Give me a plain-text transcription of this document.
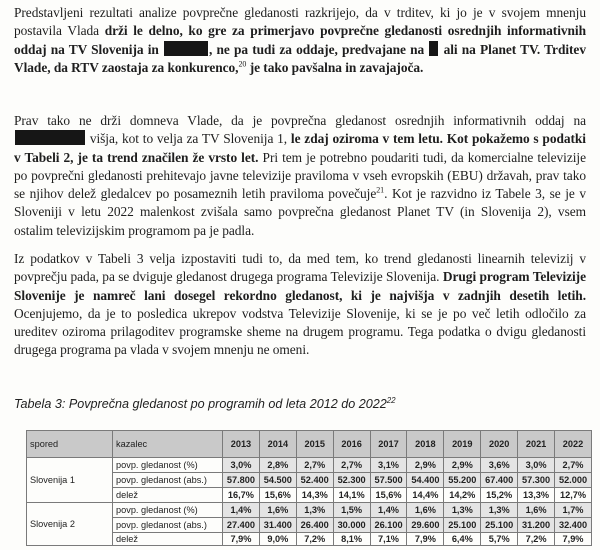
Predstavljeni rezultati analize povprečne gledanosti razkrijejo, da v trditev, ki jo je v svojem mnenju postavila Vlada drži le delno, ko gre za primerjavo povprečne gledanosti osrednjih informativnih oddaj na TV Slovenija in	, ne pa tudi za oddaje, predvajane na ali na Planet TV. Trditev Vlade, da RTV zaostaja za konkurenco,$^{20}$ je tako pavšalna in zavajajoča.

Prav tako ne drži domneva Vlade, da je povprečna gledanost osrednjih informativnih oddaj na  višja, kot to velja za TV Slovenija 1, le zdaj oziroma v tem letu. Kot pokažemo s podatki v Tabeli 2, je ta trend značilen že vrsto let. Pri tem je potrebno poudariti tudi, da komercialne televizije po povprečni gledanosti prehitevajo javne televizije praviloma v vseh evropskih (EBU) državah, prav tako se njihov delež gledalcev po posameznih letih praviloma povečuje$^{21}$. Kot je razvidno iz Tabele 3, se je v Sloveniji v letu 2022 malenkost zvišala samo povprečna gledanost Planet TV (in Slovenija 2), vsem ostalim televizijskim programom pa je padla.

Iz podatkov v Tabeli 3 velja izpostaviti tudi to, da med tem, ko trend gledanosti linearnih televizij v povprečju pada, pa se dviguje gledanost drugega programa Televizije Slovenija. Drugi program Televizije Slovenije je namreč lani dosegel rekordno gledanost, ki je najvišja v zadnjih desetih letih. Ocenjujemo, da je to posledica ukrepov vodstva Televizije Slovenije, ki se je po več letih odločilo za ureditev oziroma prilagoditev programske sheme na drugem programu. Tega podatka o dvigu gledanosti drugega programa pa vlada v svojem mnenju ne omeni.

Tabela 3: Povprečna gledanost po programih od leta 2012 do 2022$^{22}$

spored	kazalec	2013	2014	2015	2016	2017	2018	2019	2020	2021	2022
Slovenija 1	povp. gledanost (%)	3,0%	2,8%	2,7%	2,7%	3,1%	2,9%	2,9%	3,6%	3,0%	2,7%
	povp. gledanost (abs.)	57.800	54.500	52.400	52.300	57.500	54.400	55.200	67.400	57.300	52.000
	delež	16,7%	15,6%	14,3%	14,1%	15,6%	14,4%	14,2%	15,2%	13,3%	12,7%
Slovenija 2	povp. gledanost (%)	1,4%	1,6%	1,3%	1,5%	1,4%	1,6%	1,3%	1,3%	1,6%	1,7%
	povp. gledanost (abs.)	27.400	31.400	26.400	30.000	26.100	29.600	25.100	25.100	31.200	32.400
	delež	7,9%	9,0%	7,2%	8,1%	7,1%	7,9%	6,4%	5,7%	7,2%	7,9%
